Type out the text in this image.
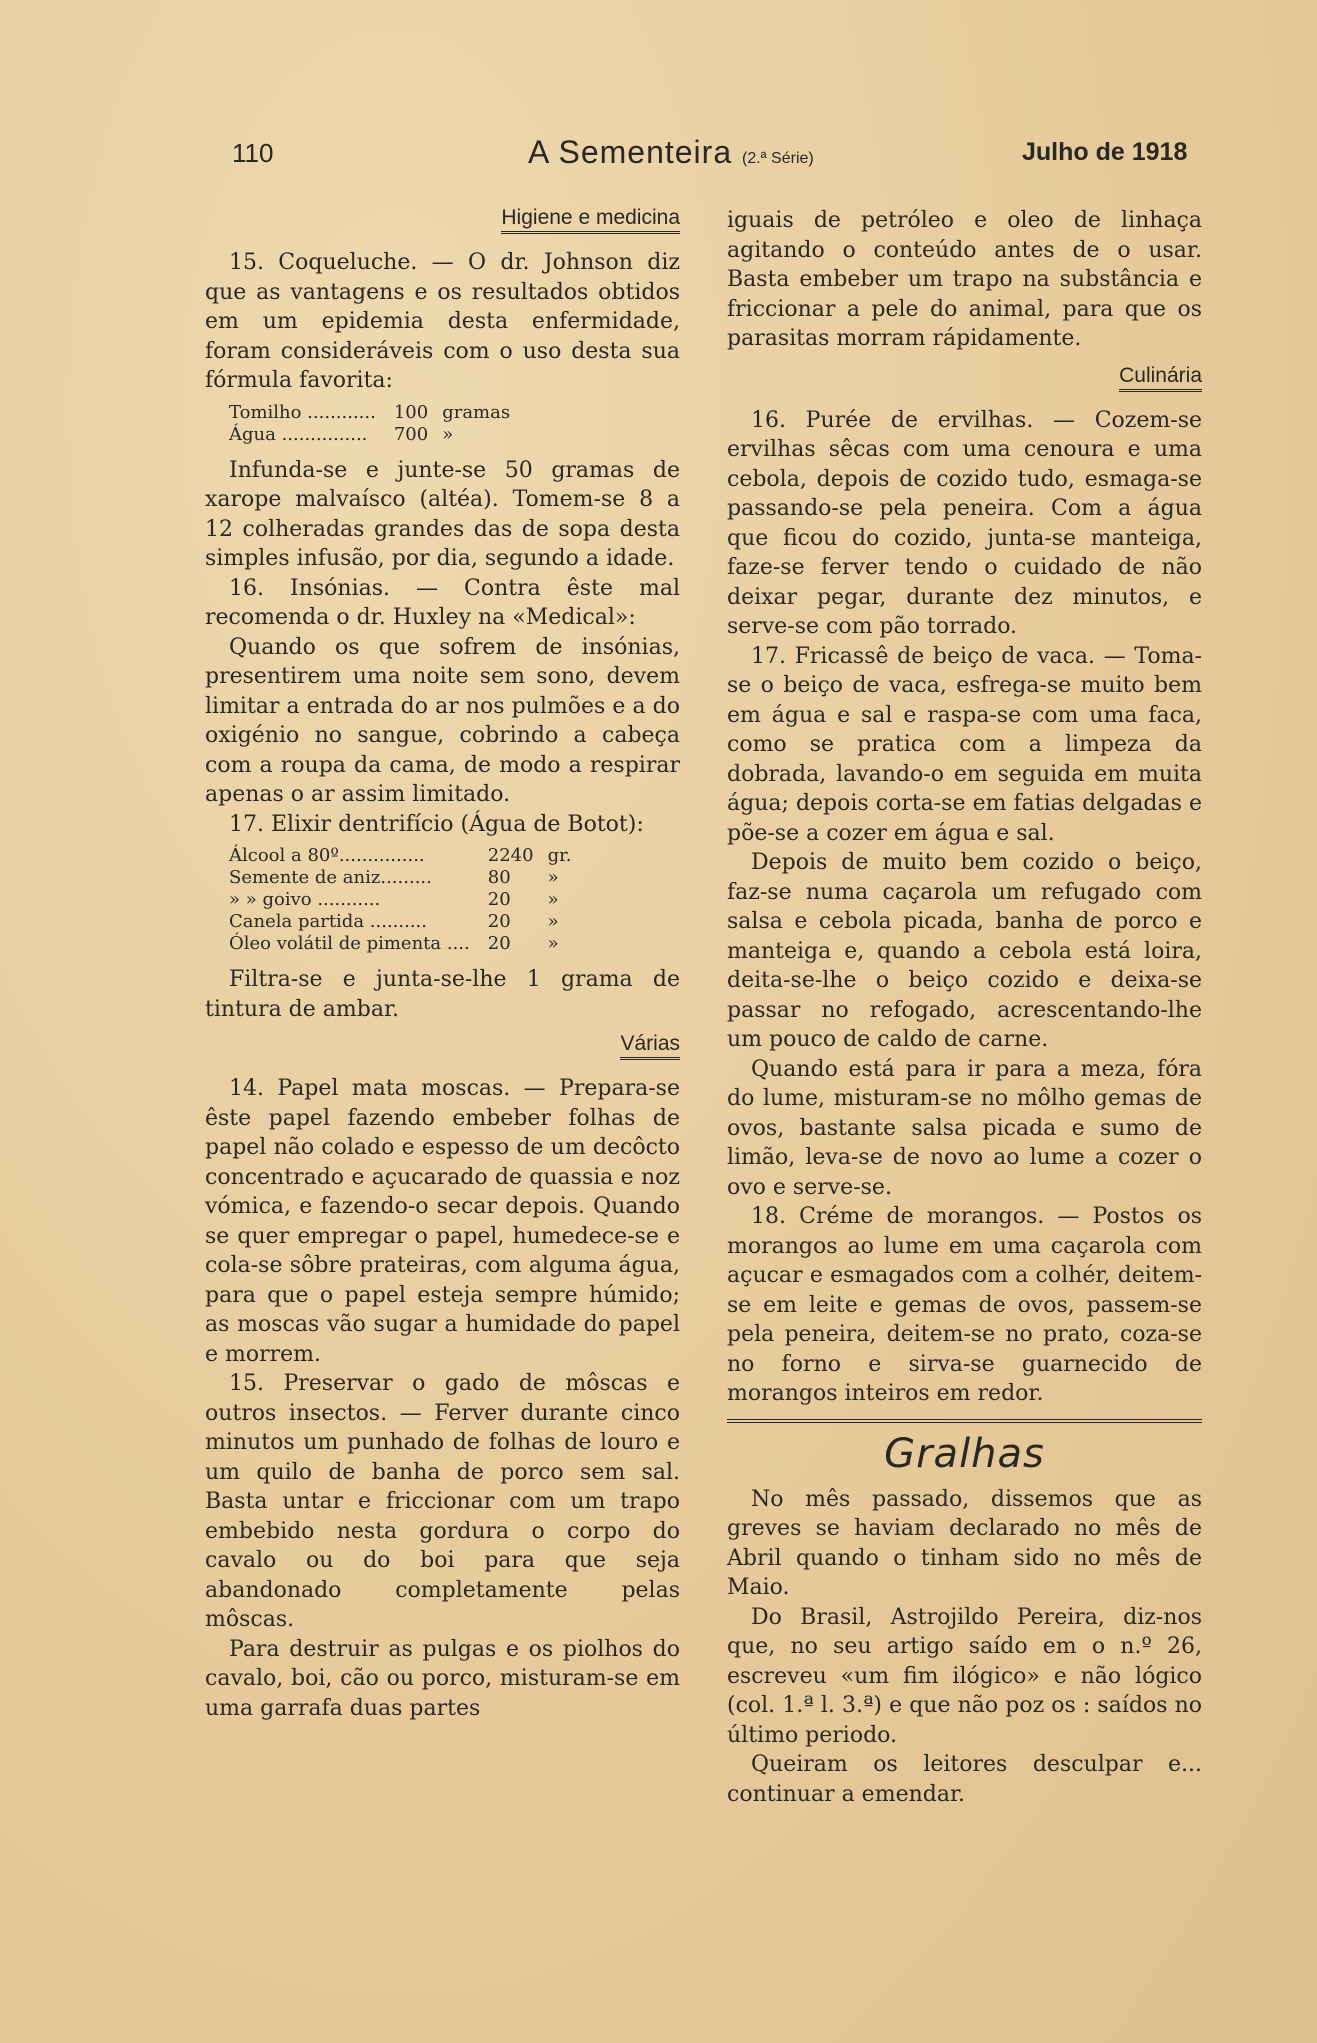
110	A Sementeira (2.ª Série)	Julho de 1918
Higiene e medicina

15. Coqueluche. — O dr. Johnson diz que as vantagens e os resultados obtidos em um epidemia desta enfermidade, foram consideráveis com o uso desta sua fórmula favorita:

Tomilho ............	100	gramas
Água ...............	700	»

Infunda-se e junte-se 50 gramas de xarope malvaísco (altéa). Tomem-se 8 a 12 colheradas grandes das de sopa desta simples infusão, por dia, segundo a idade.

16. Insónias. — Contra êste mal recomenda o dr. Huxley na «Medical»:

Quando os que sofrem de insónias, presentirem uma noite sem sono, devem limitar a entrada do ar nos pulmões e a do oxigénio no sangue, cobrindo a cabeça com a roupa da cama, de modo a respirar apenas o ar assim limitado.

17. Elixir dentrifício (Água de Botot):

Álcool a 80º...............	2240	gr.
Semente de aniz.........	80	»
» » goivo ...........	20	»
Canela partida ..........	20	»
Óleo volátil de pimenta ....	20	»

Filtra-se e junta-se-lhe 1 grama de tintura de ambar.

Várias

14. Papel mata moscas. — Prepara-se êste papel fazendo embeber folhas de papel não colado e espesso de um decôcto concentrado e açucarado de quassia e noz vómica, e fazendo-o secar depois. Quando se quer empregar o papel, humedece-se e cola-se sôbre prateiras, com alguma água, para que o papel esteja sempre húmido; as moscas vão sugar a humidade do papel e morrem.

15. Preservar o gado de môscas e outros insectos. — Ferver durante cinco minutos um punhado de folhas de louro e um quilo de banha de porco sem sal. Basta untar e friccionar com um trapo embebido nesta gordura o corpo do cavalo ou do boi para que seja abandonado completamente pelas môscas.

Para destruir as pulgas e os piolhos do cavalo, boi, cão ou porco, misturam-se em uma garrafa duas partes

iguais de petróleo e oleo de linhaça agitando o conteúdo antes de o usar. Basta embeber um trapo na substância e friccionar a pele do animal, para que os parasitas morram rápidamente.

Culinária

16. Purée de ervilhas. — Cozem-se ervilhas sêcas com uma cenoura e uma cebola, depois de cozido tudo, esmaga-se passando-se pela peneira. Com a água que ficou do cozido, junta-se manteiga, faze-se ferver tendo o cuidado de não deixar pegar, durante dez minutos, e serve-se com pão torrado.

17. Fricassê de beiço de vaca. — Toma-se o beiço de vaca, esfrega-se muito bem em água e sal e raspa-se com uma faca, como se pratica com a limpeza da dobrada, lavando-o em seguida em muita água; depois corta-se em fatias delgadas e põe-se a cozer em água e sal.

Depois de muito bem cozido o beiço, faz-se numa caçarola um refugado com salsa e cebola picada, banha de porco e manteiga e, quando a cebola está loira, deita-se-lhe o beiço cozido e deixa-se passar no refogado, acrescentando-lhe um pouco de caldo de carne.

Quando está para ir para a meza, fóra do lume, misturam-se no môlho gemas de ovos, bastante salsa picada e sumo de limão, leva-se de novo ao lume a cozer o ovo e serve-se.

18. Créme de morangos. — Postos os morangos ao lume em uma caçarola com açucar e esmagados com a colhér, deitem-se em leite e gemas de ovos, passem-se pela peneira, deitem-se no prato, coza-se no forno e sirva-se guarnecido de morangos inteiros em redor.

Gralhas

No mês passado, dissemos que as greves se haviam declarado no mês de Abril quando o tinham sido no mês de Maio.

Do Brasil, Astrojildo Pereira, diz-nos que, no seu artigo saído em o n.º 26, escreveu «um fim ilógico» e não lógico (col. 1.ª l. 3.ª) e que não poz os : saídos no último periodo.

Queiram os leitores desculpar e... continuar a emendar.
